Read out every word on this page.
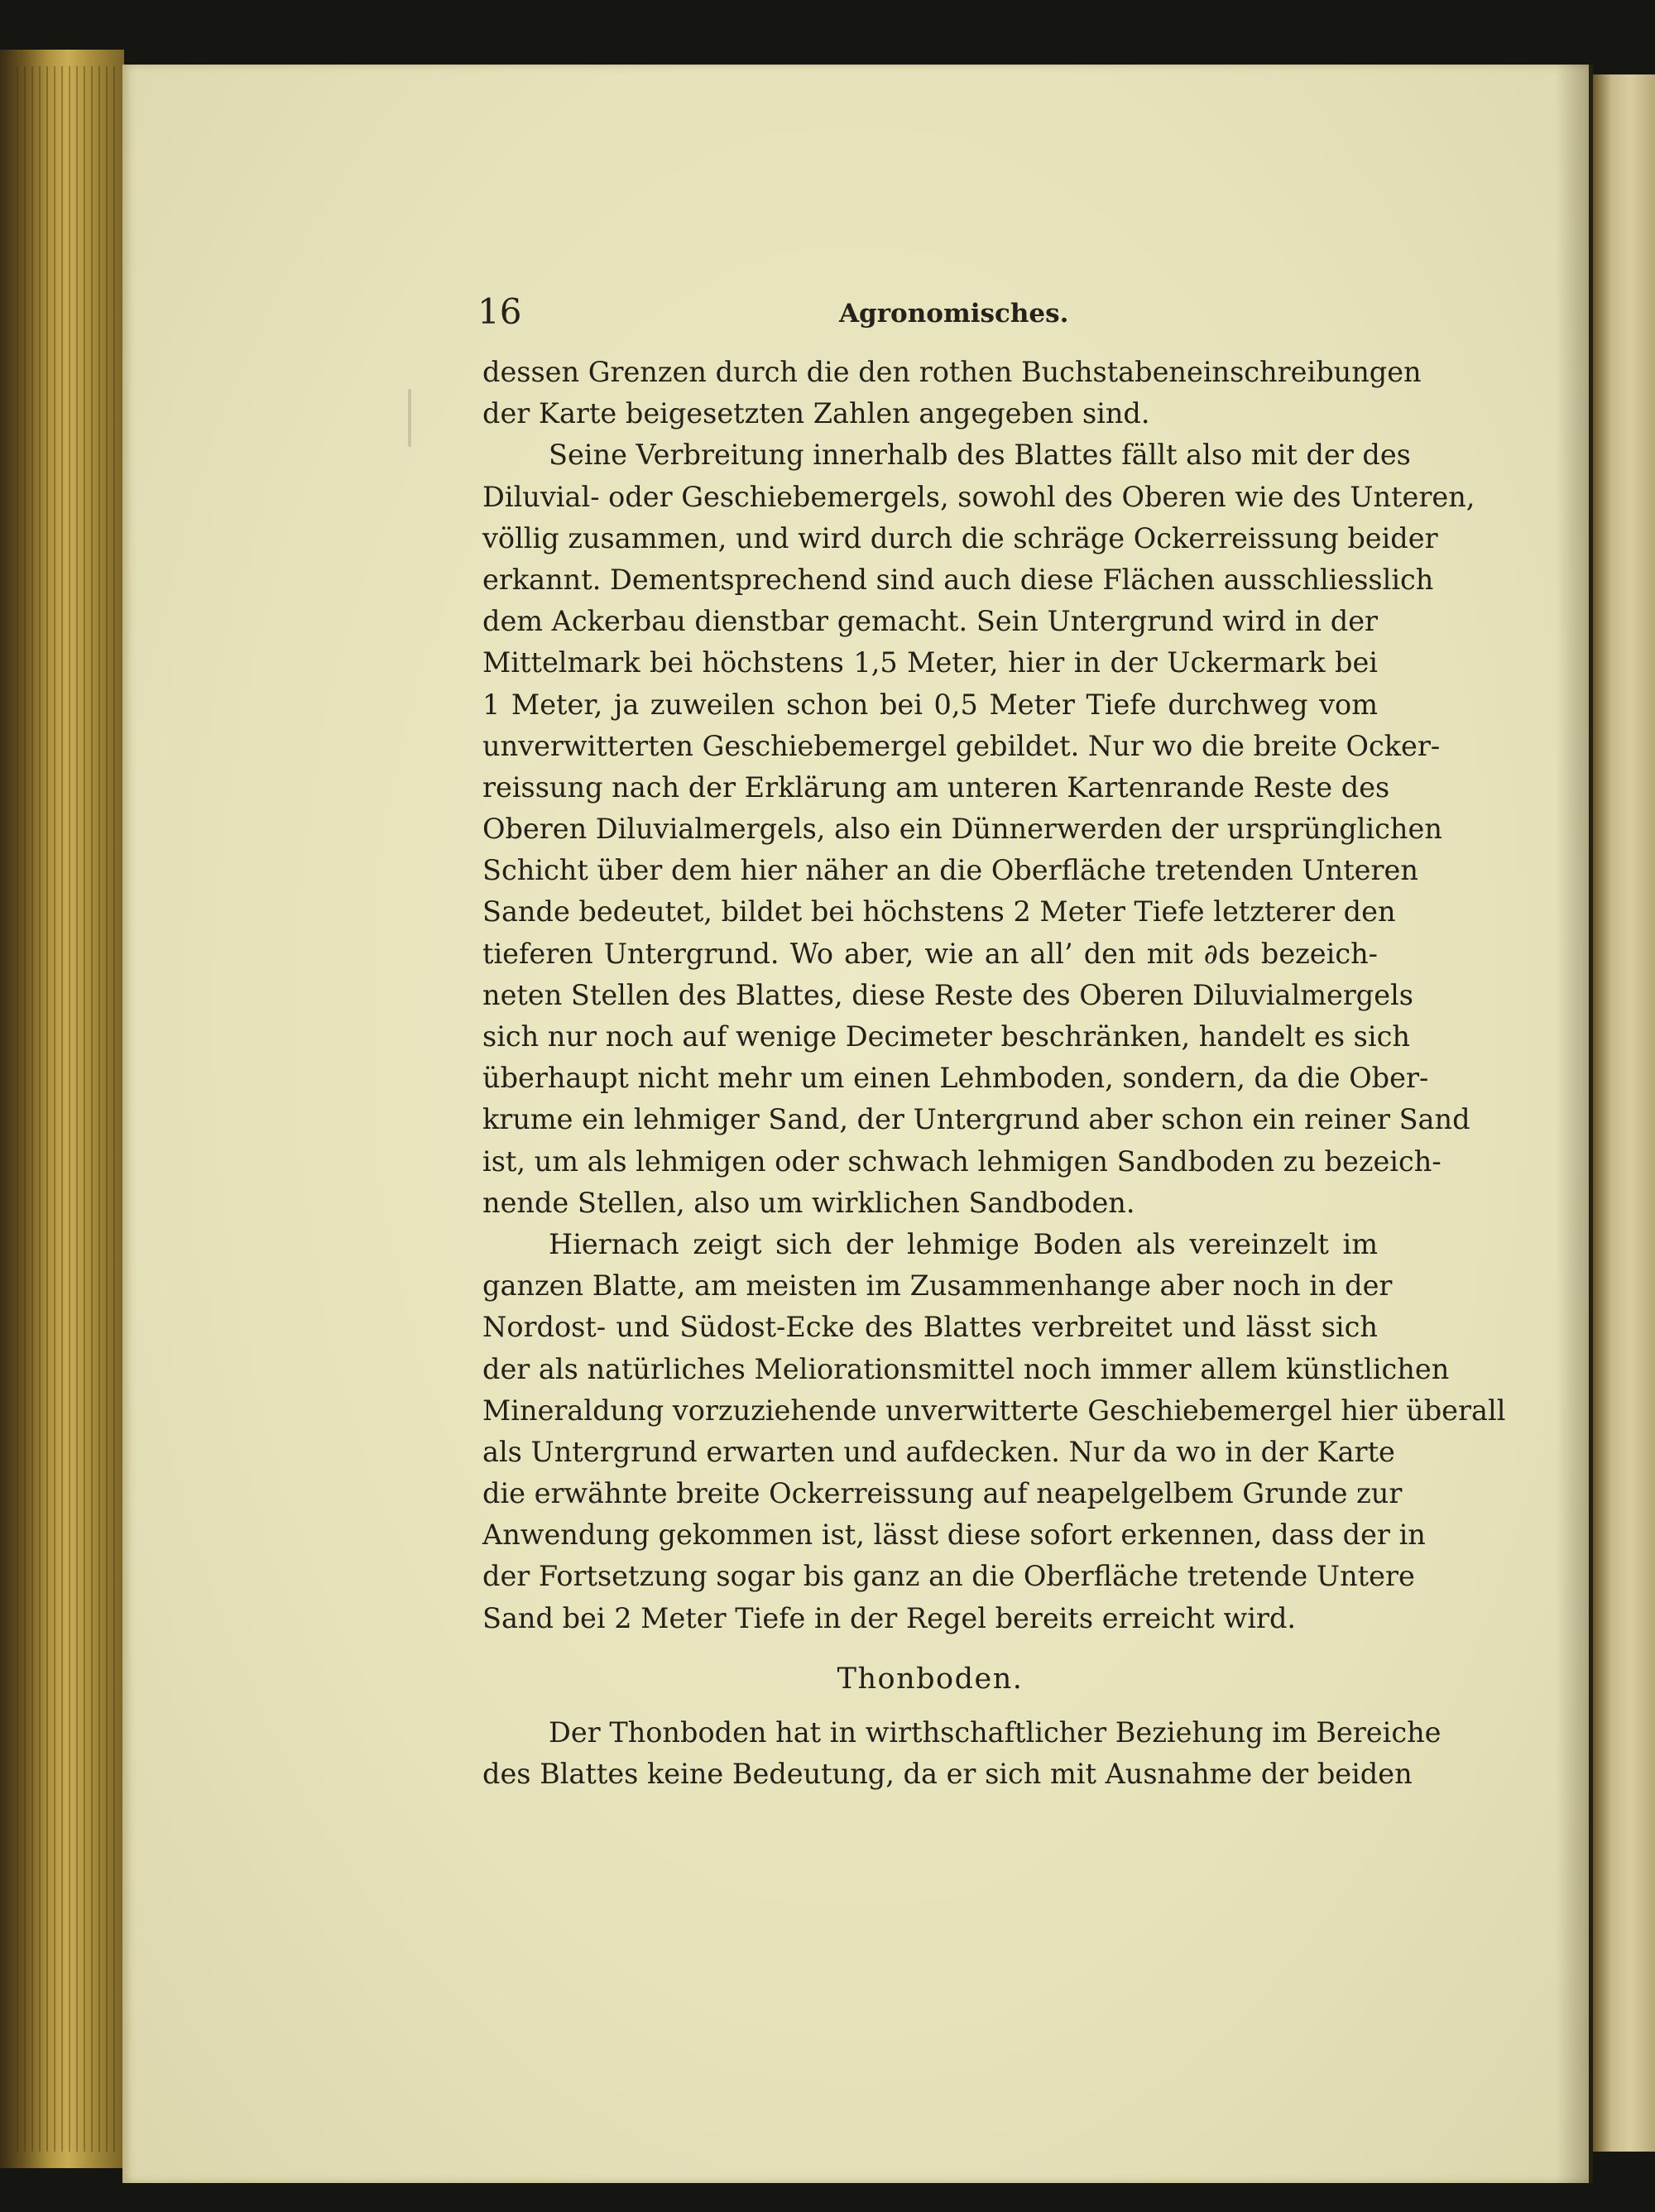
16	Agronomisches.
dessen Grenzen durch die den rothen Buchstabeneinschreibungen
der Karte beigesetzten Zahlen angegeben sind.
Seine Verbreitung innerhalb des Blattes fällt also mit der des
Diluvial- oder Geschiebemergels, sowohl des Oberen wie des Unteren,
völlig zusammen, und wird durch die schräge Ockerreissung beider
erkannt. Dementsprechend sind auch diese Flächen ausschliesslich
dem Ackerbau dienstbar gemacht. Sein Untergrund wird in der
Mittelmark bei höchstens 1,5 Meter, hier in der Uckermark bei
1 Meter, ja zuweilen schon bei 0,5 Meter Tiefe durchweg vom
unverwitterten Geschiebemergel gebildet. Nur wo die breite Ocker-
reissung nach der Erklärung am unteren Kartenrande Reste des
Oberen Diluvialmergels, also ein Dünnerwerden der ursprünglichen
Schicht über dem hier näher an die Oberfläche tretenden Unteren
Sande bedeutet, bildet bei höchstens 2 Meter Tiefe letzterer den
tieferen Untergrund. Wo aber, wie an all’ den mit ∂ds bezeich-
neten Stellen des Blattes, diese Reste des Oberen Diluvialmergels
sich nur noch auf wenige Decimeter beschränken, handelt es sich
überhaupt nicht mehr um einen Lehmboden, sondern, da die Ober-
krume ein lehmiger Sand, der Untergrund aber schon ein reiner Sand
ist, um als lehmigen oder schwach lehmigen Sandboden zu bezeich-
nende Stellen, also um wirklichen Sandboden.
Hiernach zeigt sich der lehmige Boden als vereinzelt im
ganzen Blatte, am meisten im Zusammenhange aber noch in der
Nordost- und Südost-Ecke des Blattes verbreitet und lässt sich
der als natürliches Meliorationsmittel noch immer allem künstlichen
Mineraldung vorzuziehende unverwitterte Geschiebemergel hier überall
als Untergrund erwarten und aufdecken. Nur da wo in der Karte
die erwähnte breite Ockerreissung auf neapelgelbem Grunde zur
Anwendung gekommen ist, lässt diese sofort erkennen, dass der in
der Fortsetzung sogar bis ganz an die Oberfläche tretende Untere
Sand bei 2 Meter Tiefe in der Regel bereits erreicht wird.
Thonboden.
Der Thonboden hat in wirthschaftlicher Beziehung im Bereiche
des Blattes keine Bedeutung, da er sich mit Ausnahme der beiden
